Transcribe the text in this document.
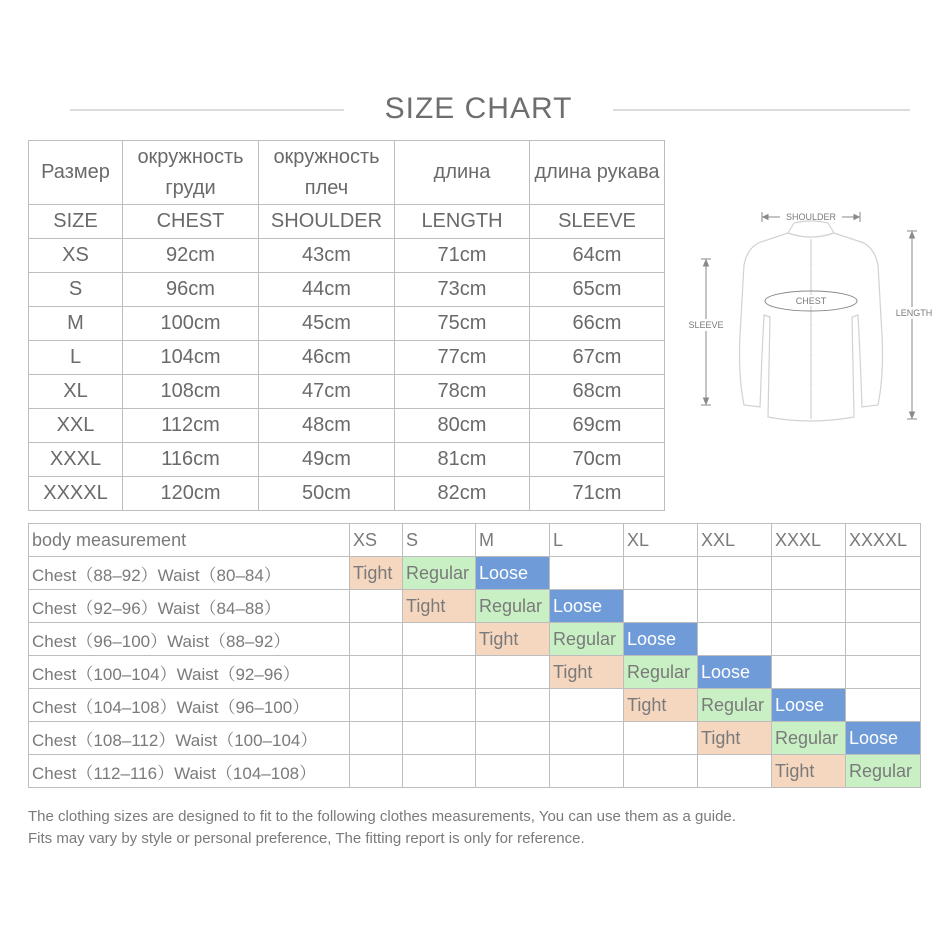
SIZE CHART
Размер	окружность груди	окружность плеч	длина	длина рукава
SIZE	CHEST	SHOULDER	LENGTH	SLEEVE
XS	92cm	43cm	71cm	64cm
S	96cm	44cm	73cm	65cm
M	100cm	45cm	75cm	66cm
L	104cm	46cm	77cm	67cm
XL	108cm	47cm	78cm	68cm
XXL	112cm	48cm	80cm	69cm
XXXL	116cm	49cm	81cm	70cm
XXXXL	120cm	50cm	82cm	71cm
SHOULDER
CHEST
SLEEVE
LENGTH
body measurement	XS	S	M	L	XL	XXL	XXXL	XXXXL
Chest（88–92）Waist（80–84）	Tight	Regular	Loose					
Chest（92–96）Waist（84–88）		Tight	Regular	Loose				
Chest（96–100）Waist（88–92）			Tight	Regular	Loose			
Chest（100–104）Waist（92–96）				Tight	Regular	Loose		
Chest（104–108）Waist（96–100）					Tight	Regular	Loose	
Chest（108–112）Waist（100–104）						Tight	Regular	Loose
Chest（112–116）Waist（104–108）							Tight	Regular
The clothing sizes are designed to fit to the following clothes measurements, You can use them as a guide.
Fits may vary by style or personal preference, The fitting report is only for reference.
